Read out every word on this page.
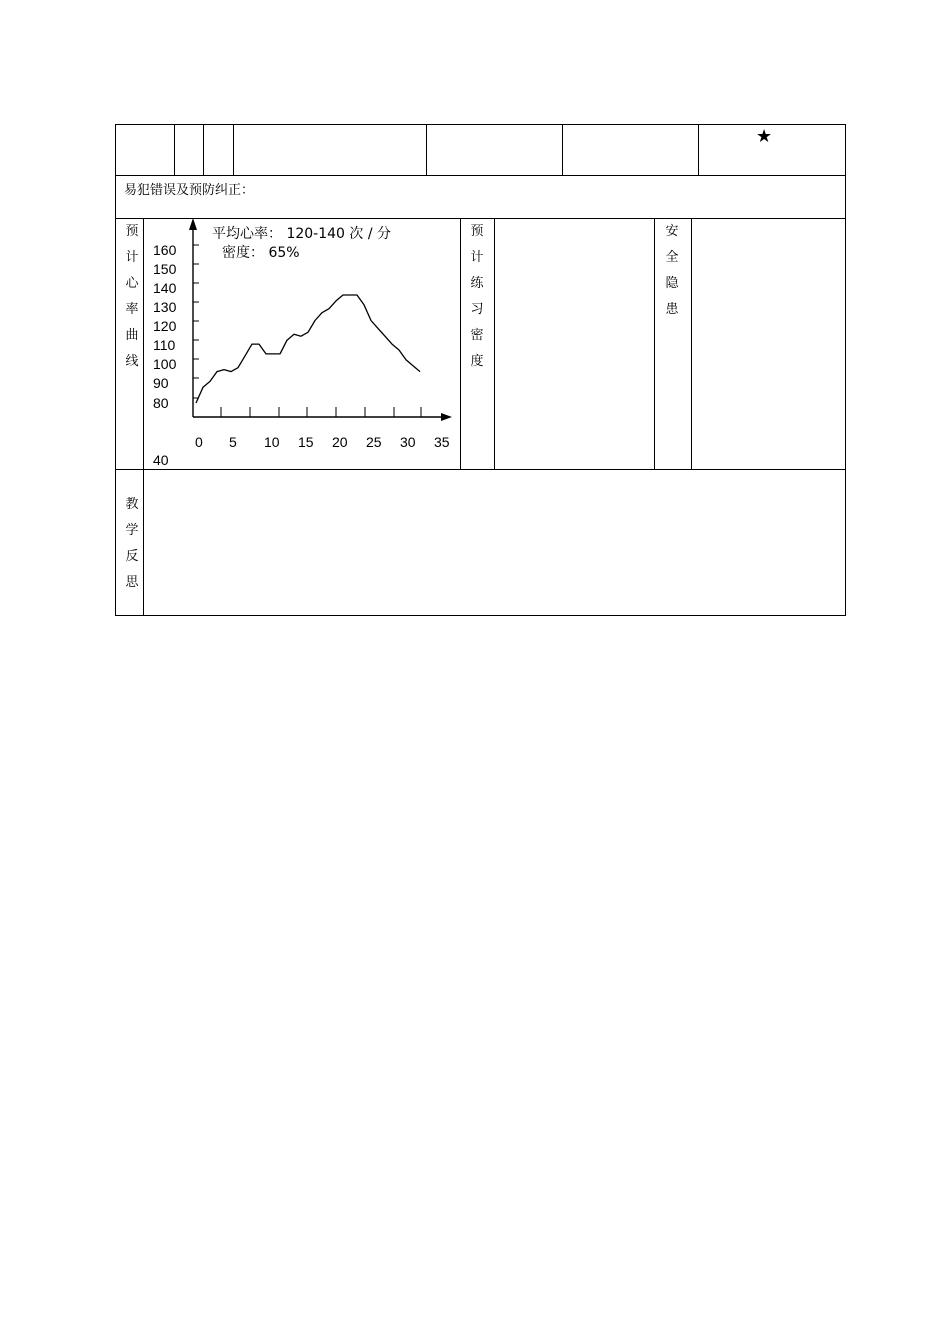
★
易犯错误及预防纠正：
预
计
心
率
曲
线
预
计
练
习
密
度
安
全
隐
患
教
学
反
思
平均心率： 120-140 次 / 分
密度： 65%
160
150
140
130
120
110
100
90
80
40
0 5 10 15 20 25 30 35
